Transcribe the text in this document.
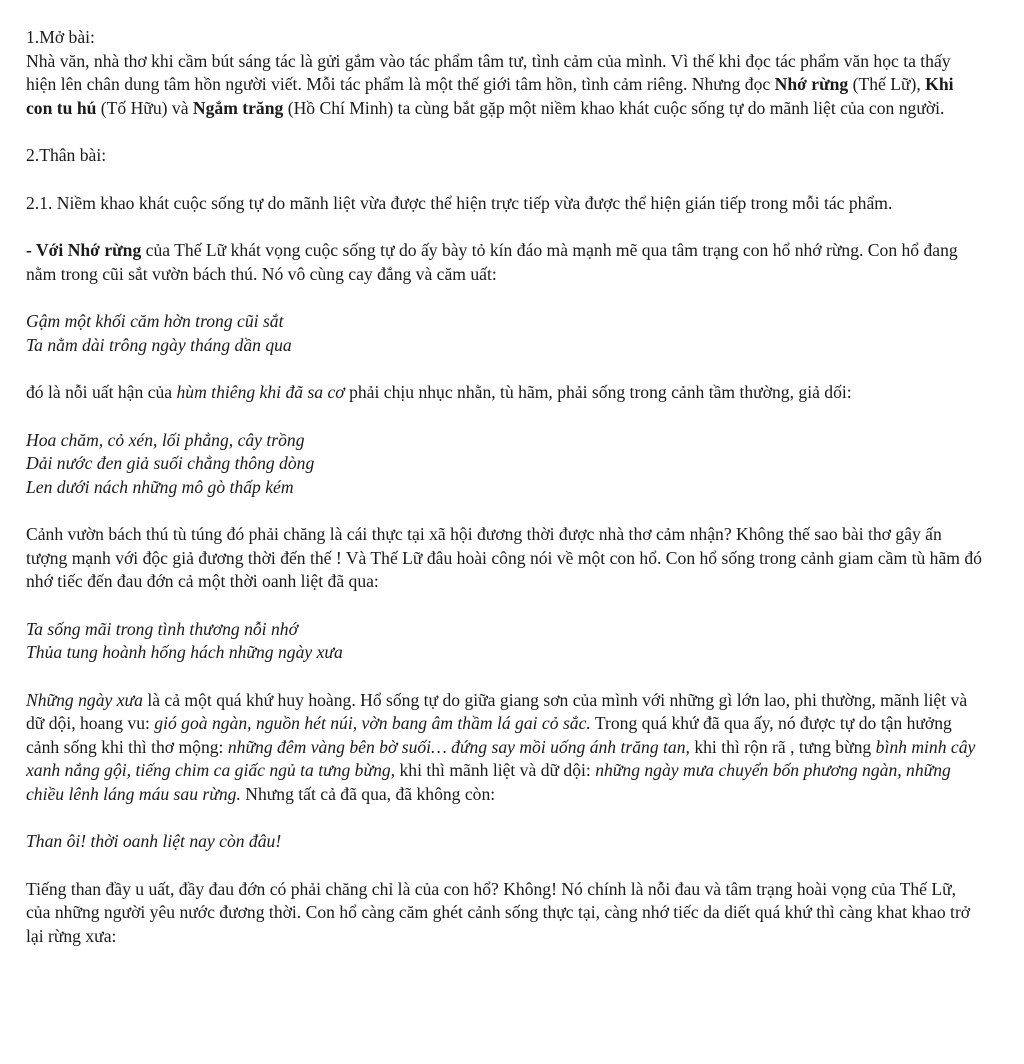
1.Mở bài:

Nhà văn, nhà thơ khi cầm bút sáng tác là gửi gắm vào tác phẩm tâm tư, tình cảm của mình. Vì thế khi đọc tác phẩm văn học ta thấy hiện lên chân dung tâm hồn người viết. Mỗi tác phẩm là một thế giới tâm hồn, tình cảm riêng. Nhưng đọc Nhớ rừng (Thế Lữ), Khi con tu hú (Tố Hữu) và Ngắm trăng (Hồ Chí Minh) ta cùng bắt gặp một niềm khao khát cuộc sống tự do mãnh liệt của con người.

2.Thân bài:

2.1. Niềm khao khát cuộc sống tự do mãnh liệt vừa được thể hiện trực tiếp vừa được thể hiện gián tiếp trong mỗi tác phẩm.

- Với Nhớ rừng của Thế Lữ khát vọng cuộc sống tự do ấy bày tỏ kín đáo mà mạnh mẽ qua tâm trạng con hổ nhớ rừng. Con hổ đang nằm trong cũi sắt vườn bách thú. Nó vô cùng cay đắng và căm uất:

Gậm một khối căm hờn trong cũi sắt
Ta nằm dài trông ngày tháng dần qua

đó là nỗi uất hận của hùm thiêng khi đã sa cơ phải chịu nhục nhằn, tù hãm, phải sống trong cảnh tầm thường, giả dối:

Hoa chăm, cỏ xén, lối phẳng, cây trồng
Dải nước đen giả suối chẳng thông dòng
Len dưới nách những mô gò thấp kém

Cảnh vườn bách thú tù túng đó phải chăng là cái thực tại xã hội đương thời được nhà thơ cảm nhận? Không thế sao bài thơ gây ấn tượng mạnh với độc giả đương thời đến thế ! Và Thế Lữ đâu hoài công nói về một con hổ. Con hổ sống trong cảnh giam cầm tù hãm đó nhớ tiếc đến đau đớn cả một thời oanh liệt đã qua:

Ta sống mãi trong tình thương nỗi nhớ
Thủa tung hoành hống hách những ngày xưa

Những ngày xưa là cả một quá khứ huy hoàng. Hổ sống tự do giữa giang sơn của mình với những gì lớn lao, phi thường, mãnh liệt và dữ dội, hoang vu: gió goà ngàn, nguồn hét núi, vờn bang âm thầm lá gai cỏ sắc. Trong quá khứ đã qua ấy, nó được tự do tận hưởng cảnh sống khi thì thơ mộng: những đêm vàng bên bờ suối… đứng say mồi uống ánh trăng tan, khi thì rộn rã , tưng bừng bình minh cây xanh nắng gội, tiếng chim ca giấc ngủ ta tưng bừng, khi thì mãnh liệt và dữ dội: những ngày mưa chuyển bốn phương ngàn, những chiều lênh láng máu sau rừng. Nhưng tất cả đã qua, đã không còn:

Than ôi! thời oanh liệt nay còn đâu!

Tiếng than đầy u uất, đầy đau đớn có phải chăng chỉ là của con hổ? Không! Nó chính là nỗi đau và tâm trạng hoài vọng của Thế Lữ, của những người yêu nước đương thời. Con hổ càng căm ghét cảnh sống thực tại, càng nhớ tiếc da diết quá khứ thì càng khat khao trở lại rừng xưa:
